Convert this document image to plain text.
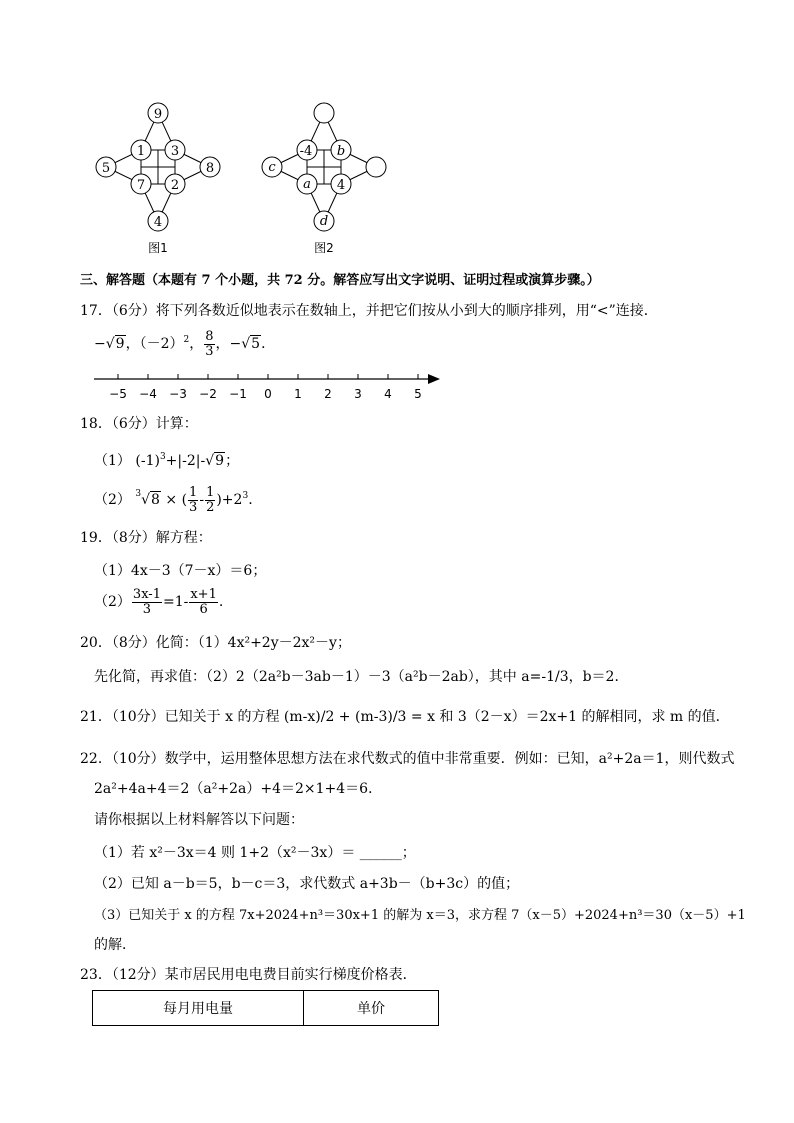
9
1 3
5	8
7 2
4
图1
-4 b
c
a 4
d
图2
三、解答题（本题有 7 个小题，共 72 分。解答应写出文字说明、证明过程或演算步骤。）
17．（6分）将下列各数近似地表示在数轴上，并把它们按从小到大的顺序排列，用“<”连接．
−√9，$(-2)^2$， $\frac{8}{3}$ ，−√5．
−5 −4 −3 −2 −1 0 1 2 3 4 5
18．（6分）计算：
（1） $(-1)^3+|-2|-√9$；
（2） $^3$√8 × ( $\frac{1}{3} - \frac{1}{2} )+2^3$.
19．（8分）解方程：
（1）4x－3（7－x）＝6；
$(2) \frac{3x-1}{3} =1- \frac{x+1}{6}$ .
20．（8分）化简：（1）4x²+2y－2x²－y；
先化简，再求值：（2）2（2a²b－3ab－1）－3（a²b－2ab），其中 a=-1/3，b＝2．
21．（10分）已知关于 x 的方程 (m-x)/2 + (m-3)/3 = x 和 3（2－x）＝2x+1 的解相同，求 m 的值．
22．（10分）数学中，运用整体思想方法在求代数式的值中非常重要．例如：已知，a²+2a＝1，则代数式
2a²+4a+4＝2（a²+2a）+4＝2×1+4＝6．
请你根据以上材料解答以下问题：
（1）若 x²－3x＝4 则 1+2（x²－3x）＝ ______；
（2）已知 a－b＝5，b－c＝3，求代数式 a+3b－（b+3c）的值；
（3）已知关于 x 的方程 7x+2024+n³＝30x+1 的解为 x＝3，求方程 7（x－5）+2024+n³＝30（x－5）+1
的解．
23．（12分）某市居民用电电费目前实行梯度价格表．
每月用电量	单价
